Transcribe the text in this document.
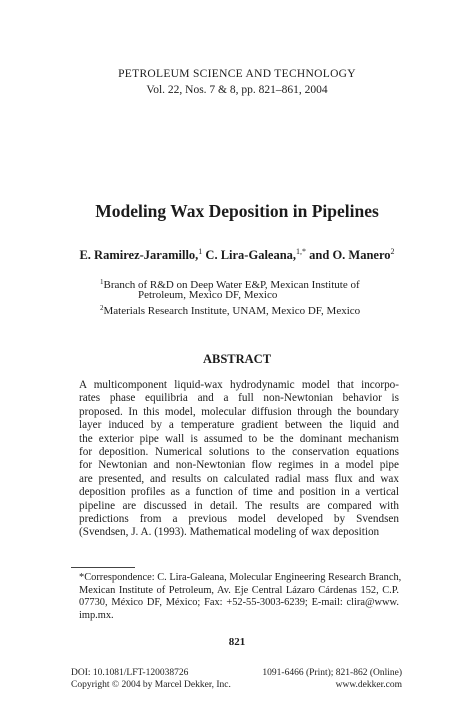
PETROLEUM SCIENCE AND TECHNOLOGY
Vol. 22, Nos. 7 & 8, pp. 821–861, 2004
Modeling Wax Deposition in Pipelines
E. Ramirez-Jaramillo,$^1$ C. Lira-Galeana,$^{1,*}$ and O. Manero$^2$
$^1$Branch of R&D on Deep Water E&P, Mexican Institute of
Petroleum, Mexico DF, Mexico
$^2$Materials Research Institute, UNAM, Mexico DF, Mexico
ABSTRACT
A multicomponent liquid-wax hydrodynamic model that incorpo-
rates phase equilibria and a full non-Newtonian behavior is
proposed. In this model, molecular diffusion through the boundary
layer induced by a temperature gradient between the liquid and
the exterior pipe wall is assumed to be the dominant mechanism
for deposition. Numerical solutions to the conservation equations
for Newtonian and non-Newtonian flow regimes in a model pipe
are presented, and results on calculated radial mass flux and wax
deposition profiles as a function of time and position in a vertical
pipeline are discussed in detail. The results are compared with
predictions from a previous model developed by Svendsen
(Svendsen, J. A. (1993). Mathematical modeling of wax deposition
*Correspondence: C. Lira-Galeana, Molecular Engineering Research Branch,
Mexican Institute of Petroleum, Av. Eje Central Lázaro Cárdenas 152, C.P.
07730, México DF, México; Fax: +52-55-3003-6239; E-mail: clira@www.
imp.mx.
821
DOI: 10.1081/LFT-120038726
Copyright © 2004 by Marcel Dekker, Inc.
1091-6466 (Print); 821-862 (Online)
www.dekker.com
